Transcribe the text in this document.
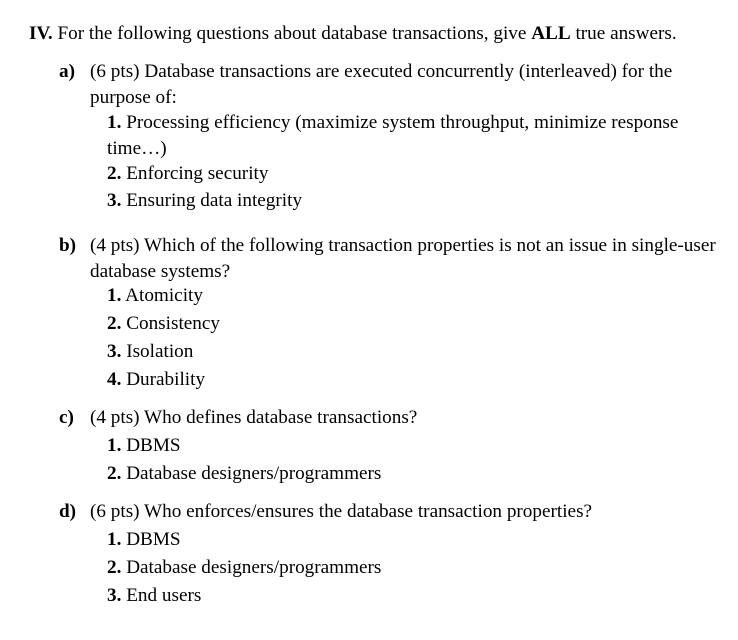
IV. For the following questions about database transactions, give ALL true answers.
a) (6 pts) Database transactions are executed concurrently (interleaved) for the purpose of:
1. Processing efficiency (maximize system throughput, minimize response time…)
2. Enforcing security
3. Ensuring data integrity
b) (4 pts) Which of the following transaction properties is not an issue in single-user database systems?
1. Atomicity
2. Consistency
3. Isolation
4. Durability
c) (4 pts) Who defines database transactions?
1. DBMS
2. Database designers/programmers
d) (6 pts) Who enforces/ensures the database transaction properties?
1. DBMS
2. Database designers/programmers
3. End users
